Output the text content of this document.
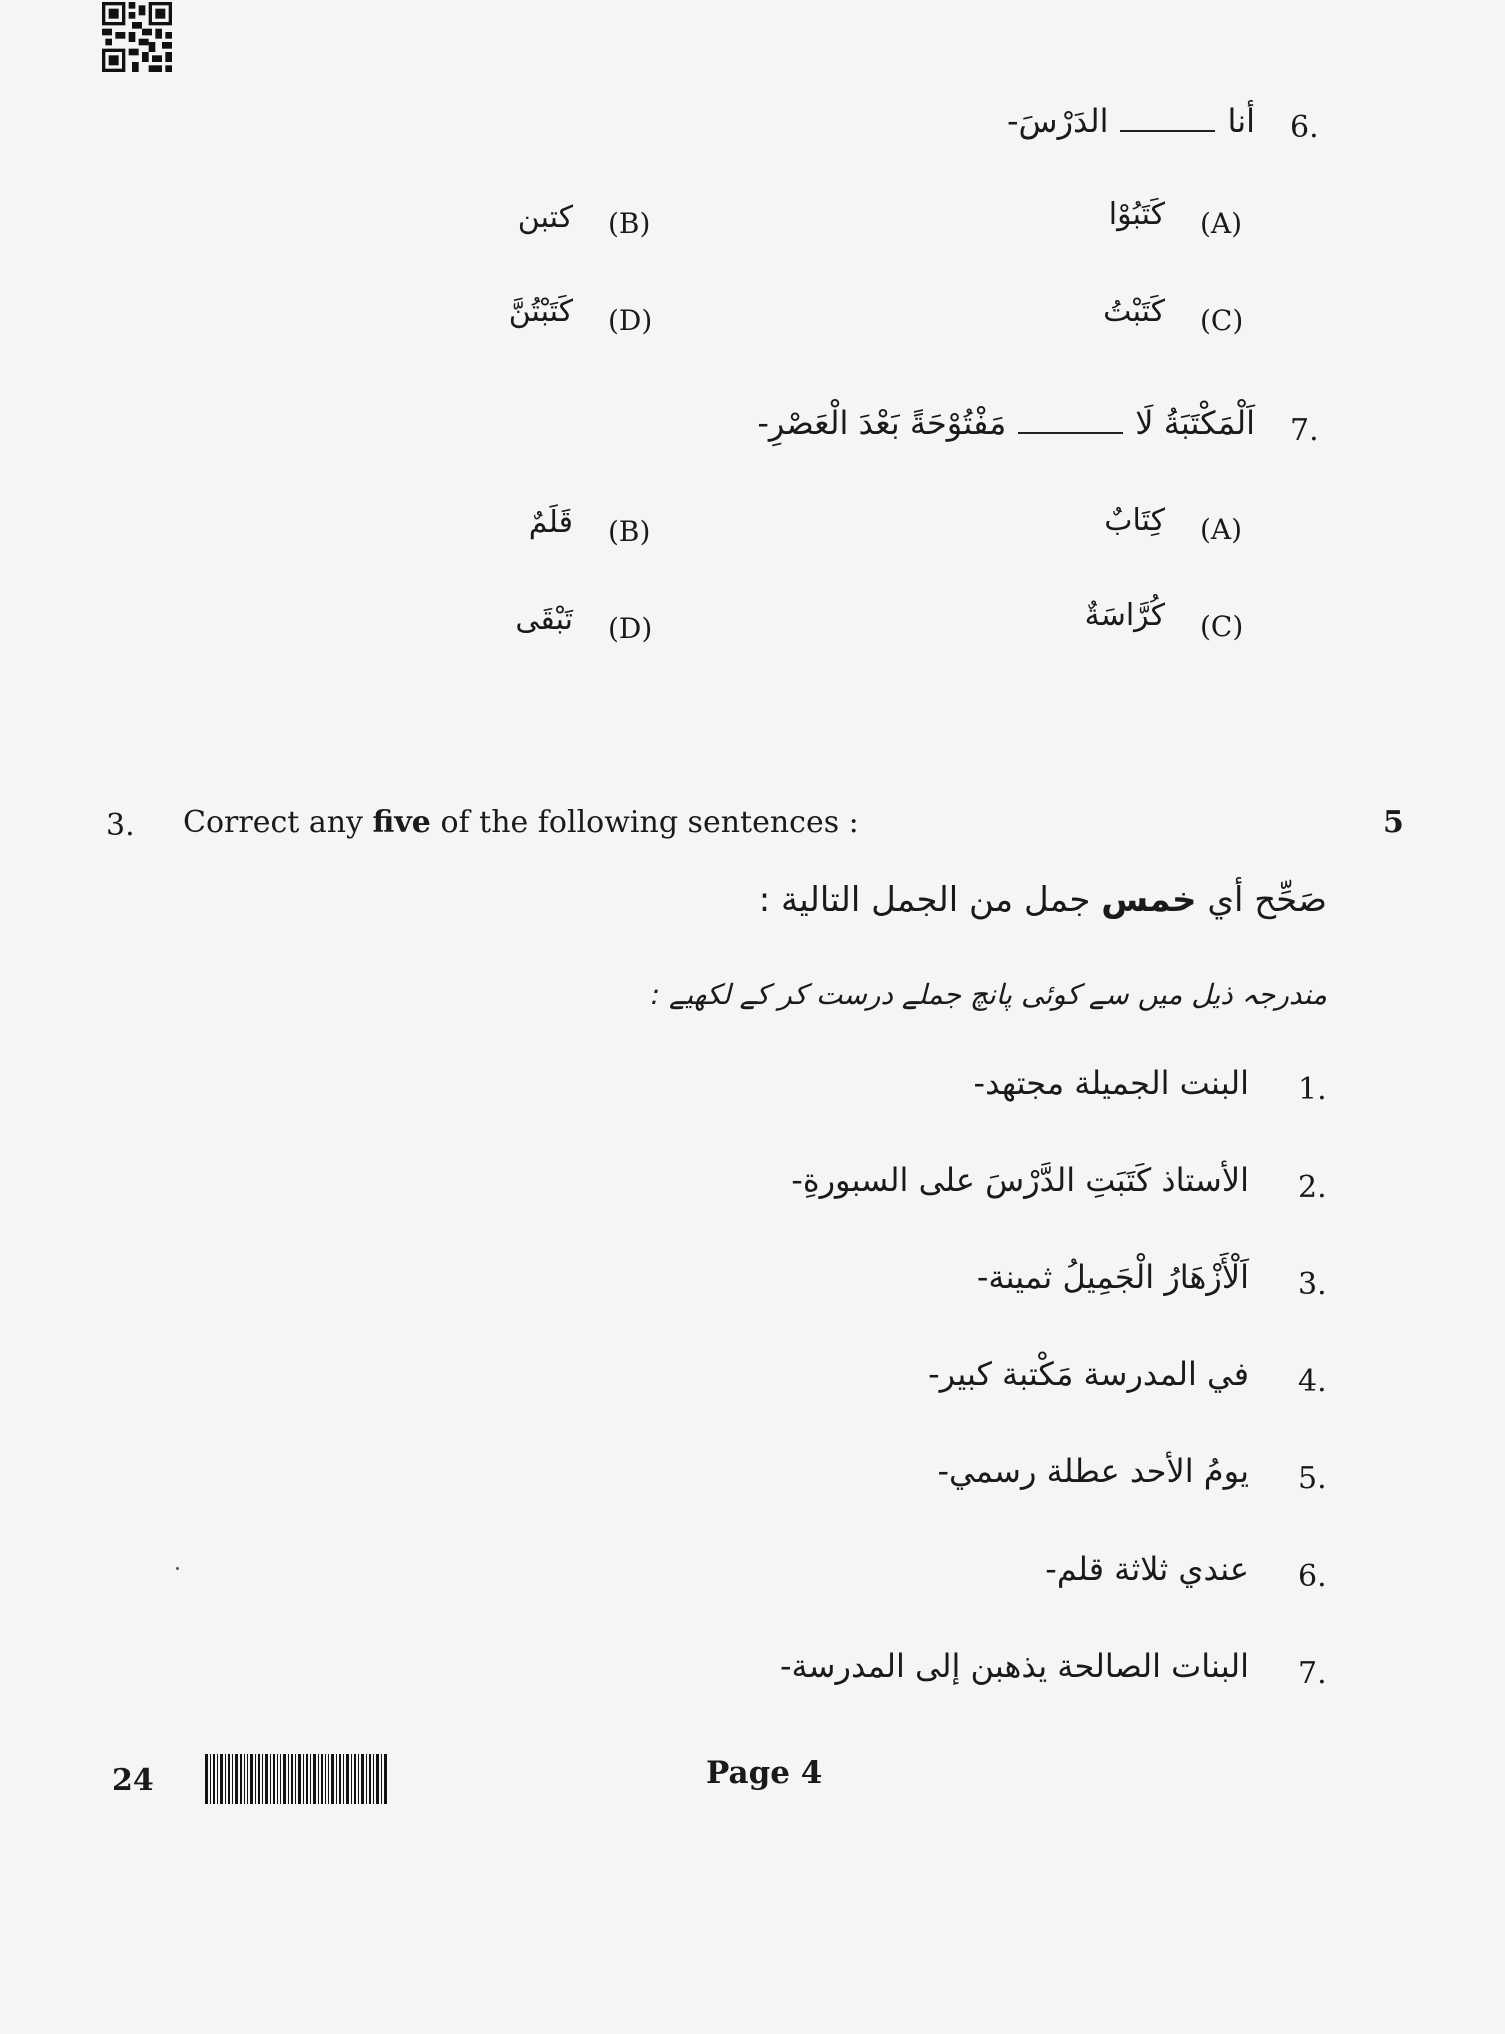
6.
أناالدَرْسَ-
(A)
كَتَبُوْا
(B)
كتبن
(C)
كَتَبْتُ
(D)
كَتَبْتُنَّ
7.
اَلْمَكْتَبَةُ لَامَفْتُوْحَةً بَعْدَ الْعَصْرِ-
(A)
كِتَابٌ
(B)
قَلَمٌ
(C)
كُرَّاسَةٌ
(D)
تَبْقَى
3. Correct any five of the following sentences :	5
صَحِّح أي خمس جمل من الجمل التالية :
مندرجہ ذیل میں سے کوئی پانچ جملے درست کر کے لکھیے :
1.
البنت الجميلة مجتهد-
2.
الأستاذ كَتَبَتِ الدَّرْسَ على السبورةِ-
3.
اَلْأَزْهَارُ الْجَمِيلُ ثمينة-
4.
في المدرسة مَكْتبة كبير-
5.
يومُ الأحد عطلة رسمي-
6.
عندي ثلاثة قلم-
7.
البنات الصالحة يذهبن إلى المدرسة-
24	Page 4
